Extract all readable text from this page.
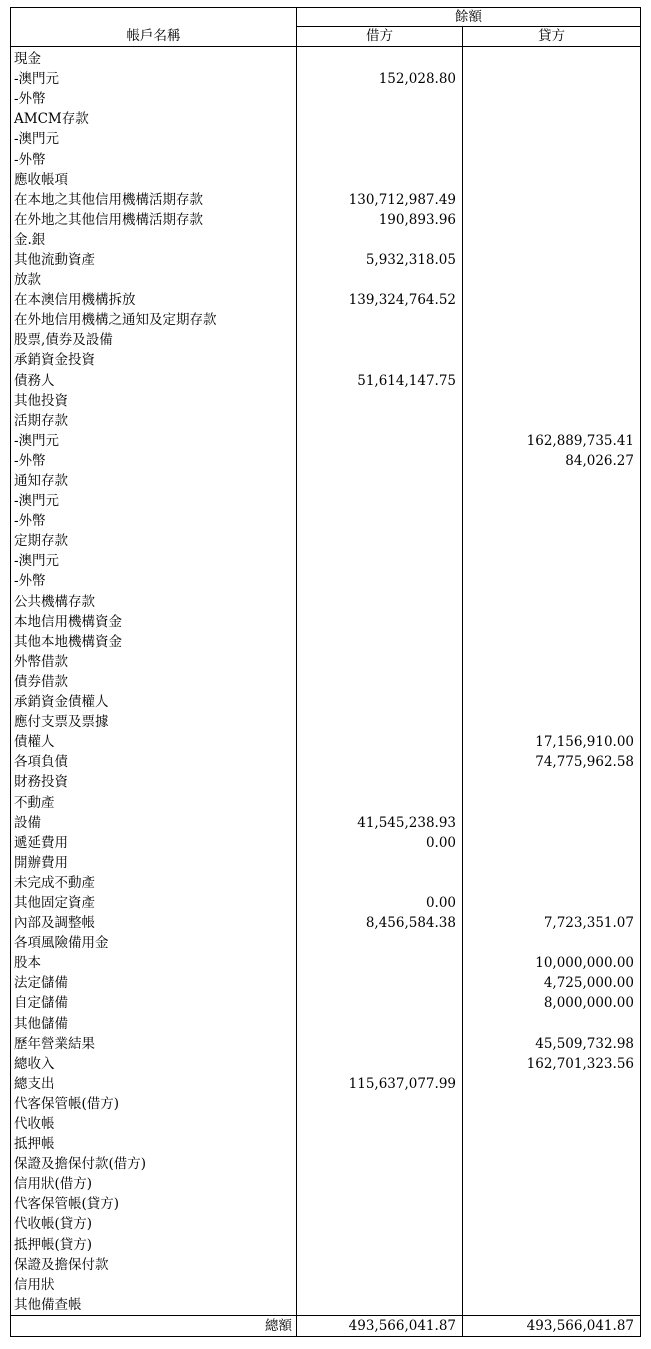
	餘額	
帳戶名稱	借方	貸方
現金		
-澳門元	152,028.80	
-外幣		
AMCM存款		
-澳門元		
-外幣		
應收帳項		
在本地之其他信用機構活期存款	130,712,987.49	
在外地之其他信用機構活期存款	190,893.96	
金.銀		
其他流動資產	5,932,318.05	
放款		
在本澳信用機構拆放	139,324,764.52	
在外地信用機構之通知及定期存款		
股票,債券及設備		
承銷資金投資		
債務人	51,614,147.75	
其他投資		
活期存款		
-澳門元		162,889,735.41
-外幣		84,026.27
通知存款		
-澳門元		
-外幣		
定期存款		
-澳門元		
-外幣		
公共機構存款		
本地信用機構資金		
其他本地機構資金		
外幣借款		
債券借款		
承銷資金債權人		
應付支票及票據		
債權人		17,156,910.00
各項負債		74,775,962.58
財務投資		
不動產		
設備	41,545,238.93	
遞延費用	0.00	
開辦費用		
未完成不動產		
其他固定資產	0.00	
內部及調整帳	8,456,584.38	7,723,351.07
各項風險備用金		
股本		10,000,000.00
法定儲備		4,725,000.00
自定儲備		8,000,000.00
其他儲備		
歷年營業結果		45,509,732.98
總收入		162,701,323.56
總支出	115,637,077.99	
代客保管帳(借方)		
代收帳		
抵押帳		
保證及擔保付款(借方)		
信用狀(借方)		
代客保管帳(貸方)		
代收帳(貸方)		
抵押帳(貸方)		
保證及擔保付款		
信用狀		
其他備查帳		
總額	493,566,041.87	493,566,041.87
